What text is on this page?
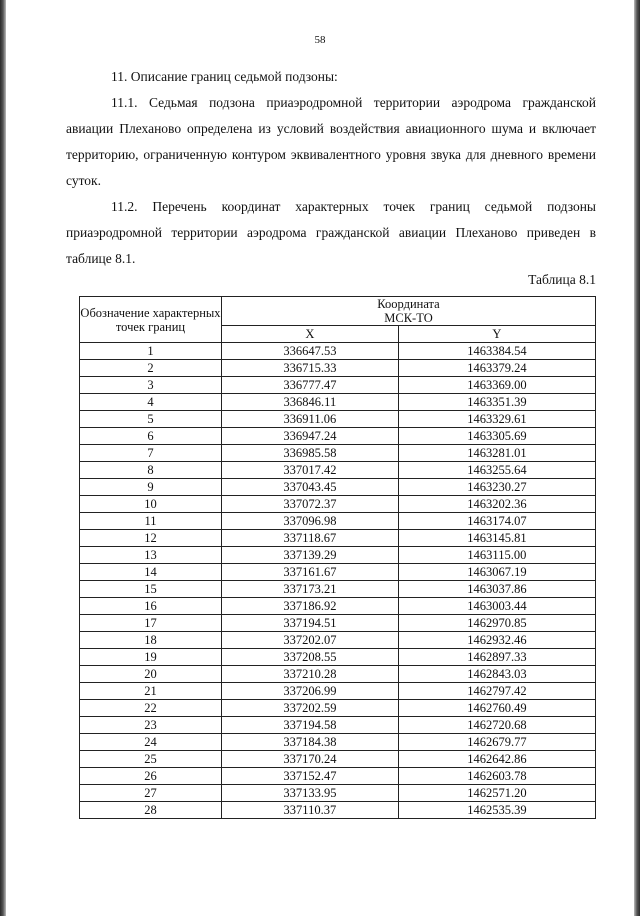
58
11. Описание границ седьмой подзоны:
11.1. Седьмая подзона приаэродромной территории аэродрома гражданской авиации Плеханово определена из условий воздействия авиационного шума и включает территорию, ограниченную контуром эквивалентного уровня звука для дневного времени суток.
11.2. Перечень координат характерных точек границ седьмой подзоны приаэродромной территории аэродрома гражданской авиации Плеханово приведен в таблице 8.1.
Таблица 8.1
Обозначение характерных точек границ	Координата
МСК-ТО	

	X	Y
1	336647.53	1463384.54
2	336715.33	1463379.24
3	336777.47	1463369.00
4	336846.11	1463351.39
5	336911.06	1463329.61
6	336947.24	1463305.69
7	336985.58	1463281.01
8	337017.42	1463255.64
9	337043.45	1463230.27
10	337072.37	1463202.36
11	337096.98	1463174.07
12	337118.67	1463145.81
13	337139.29	1463115.00
14	337161.67	1463067.19
15	337173.21	1463037.86
16	337186.92	1463003.44
17	337194.51	1462970.85
18	337202.07	1462932.46
19	337208.55	1462897.33
20	337210.28	1462843.03
21	337206.99	1462797.42
22	337202.59	1462760.49
23	337194.58	1462720.68
24	337184.38	1462679.77
25	337170.24	1462642.86
26	337152.47	1462603.78
27	337133.95	1462571.20
28	337110.37	1462535.39
